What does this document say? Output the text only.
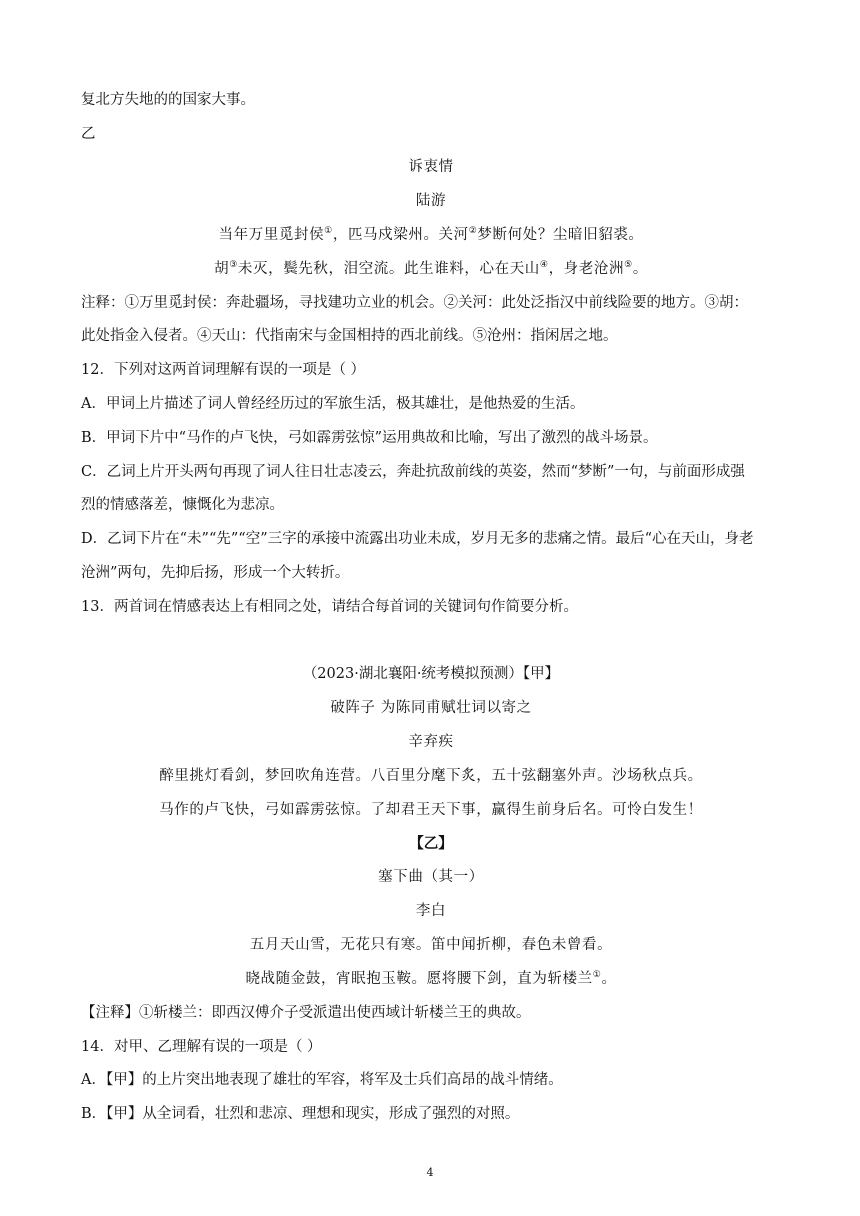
复北方失地的的国家大事。
乙
诉衷情
陆游
当年万里觅封侯①，匹马戍梁州。关河②梦断何处？尘暗旧貂裘。
胡③未灭，鬓先秋，泪空流。此生谁料，心在天山④，身老沧洲⑤。
注释：①万里觅封侯：奔赴疆场，寻找建功立业的机会。②关河：此处泛指汉中前线险要的地方。③胡：
此处指金入侵者。④天山：代指南宋与金国相持的西北前线。⑤沧州：指闲居之地。
12．下列对这两首词理解有误的一项是（ ）
A．甲词上片描述了词人曾经经历过的军旅生活，极其雄壮，是他热爱的生活。
B．甲词下片中“马作的卢飞快，弓如霹雳弦惊”运用典故和比喻，写出了激烈的战斗场景。
C．乙词上片开头两句再现了词人往日壮志凌云，奔赴抗敌前线的英姿，然而“梦断”一句，与前面形成强
烈的情感落差，慷慨化为悲凉。
D．乙词下片在“未”“先”“空”三字的承接中流露出功业未成，岁月无多的悲痛之情。最后“心在天山，身老
沧洲”两句，先抑后扬，形成一个大转折。
13．两首词在情感表达上有相同之处，请结合每首词的关键词句作简要分析。
（2023·湖北襄阳·统考模拟预测）【甲】
破阵子 为陈同甫赋壮词以寄之
辛弃疾
醉里挑灯看剑，梦回吹角连营。八百里分麾下炙，五十弦翻塞外声。沙场秋点兵。
马作的卢飞快，弓如霹雳弦惊。了却君王天下事，赢得生前身后名。可怜白发生！
【乙】
塞下曲（其一）
李白
五月天山雪，无花只有寒。笛中闻折柳，春色未曾看。
晓战随金鼓，宵眠抱玉鞍。愿将腰下剑，直为斩楼兰①。
【注释】①斩楼兰：即西汉傅介子受派遣出使西域计斩楼兰王的典故。
14．对甲、乙理解有误的一项是（ ）
A．【甲】的上片突出地表现了雄壮的军容，将军及士兵们高昂的战斗情绪。
B．【甲】从全词看，壮烈和悲凉、理想和现实，形成了强烈的对照。
4
